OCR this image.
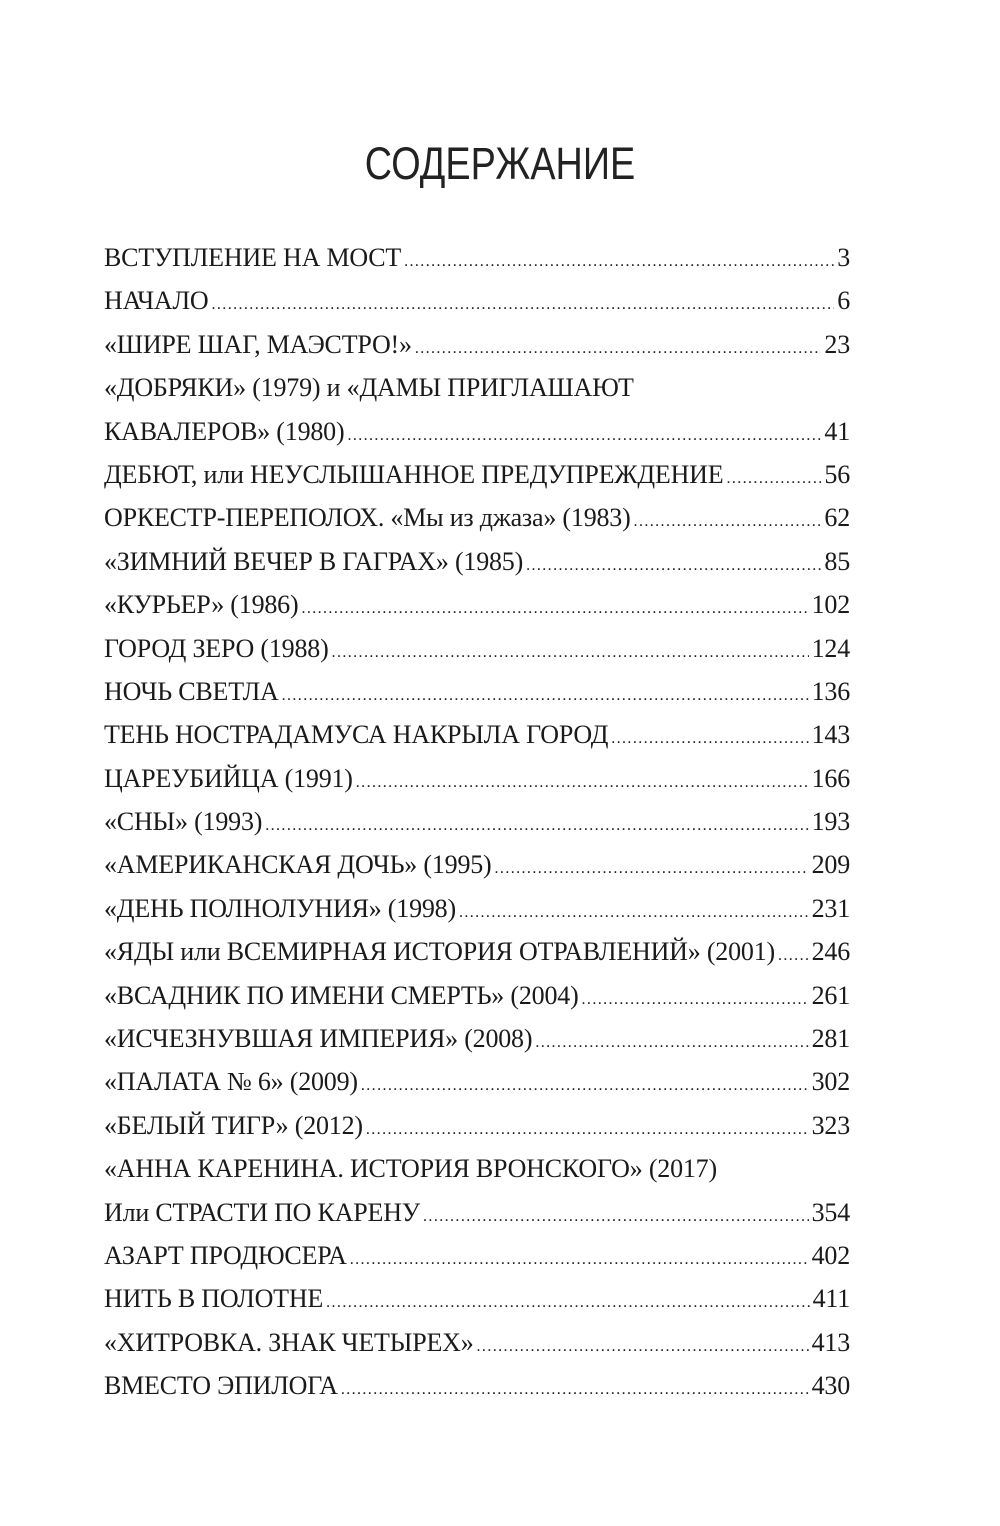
СОДЕРЖАНИЕ
ВСТУПЛЕНИЕ НА МОСТ .....	3
НАЧАЛО .....	6
«ШИРЕ ШАГ, МАЭСТРО!» .....	23
«ДОБРЯКИ» (1979) и «ДАМЫ ПРИГЛАШАЮТ
КАВАЛЕРОВ» (1980) .....	41
ДЕБЮТ, или НЕУСЛЫШАННОЕ ПРЕДУПРЕЖДЕНИЕ .....	56
ОРКЕСТР-ПЕРЕПОЛОХ. «Мы из джаза» (1983) .....	62
«ЗИМНИЙ ВЕЧЕР В ГАГРАХ» (1985) .....	85
«КУРЬЕР» (1986) .....	102
ГОРОД ЗЕРО (1988) .....	124
НОЧЬ СВЕТЛА .....	136
ТЕНЬ НОСТРАДАМУСА НАКРЫЛА ГОРОД .....	143
ЦАРЕУБИЙЦА (1991) .....	166
«СНЫ» (1993) .....	193
«АМЕРИКАНСКАЯ ДОЧЬ» (1995) .....	209
«ДЕНЬ ПОЛНОЛУНИЯ» (1998) .....	231
«ЯДЫ или ВСЕМИРНАЯ ИСТОРИЯ ОТРАВЛЕНИЙ» (2001) ..... 246
«ВСАДНИК ПО ИМЕНИ СМЕРТЬ» (2004) .....	261
«ИСЧЕЗНУВШАЯ ИМПЕРИЯ» (2008) .....	281
«ПАЛАТА № 6» (2009) .....	302
«БЕЛЫЙ ТИГР» (2012) .....	323
«АННА КАРЕНИНА. ИСТОРИЯ ВРОНСКОГО» (2017)
Или СТРАСТИ ПО КАРЕНУ .....	354
АЗАРТ ПРОДЮСЕРА .....	402
НИТЬ В ПОЛОТНЕ .....	411
«ХИТРОВКА. ЗНАК ЧЕТЫРЕХ» .....	413
ВМЕСТО ЭПИЛОГА .....	430
